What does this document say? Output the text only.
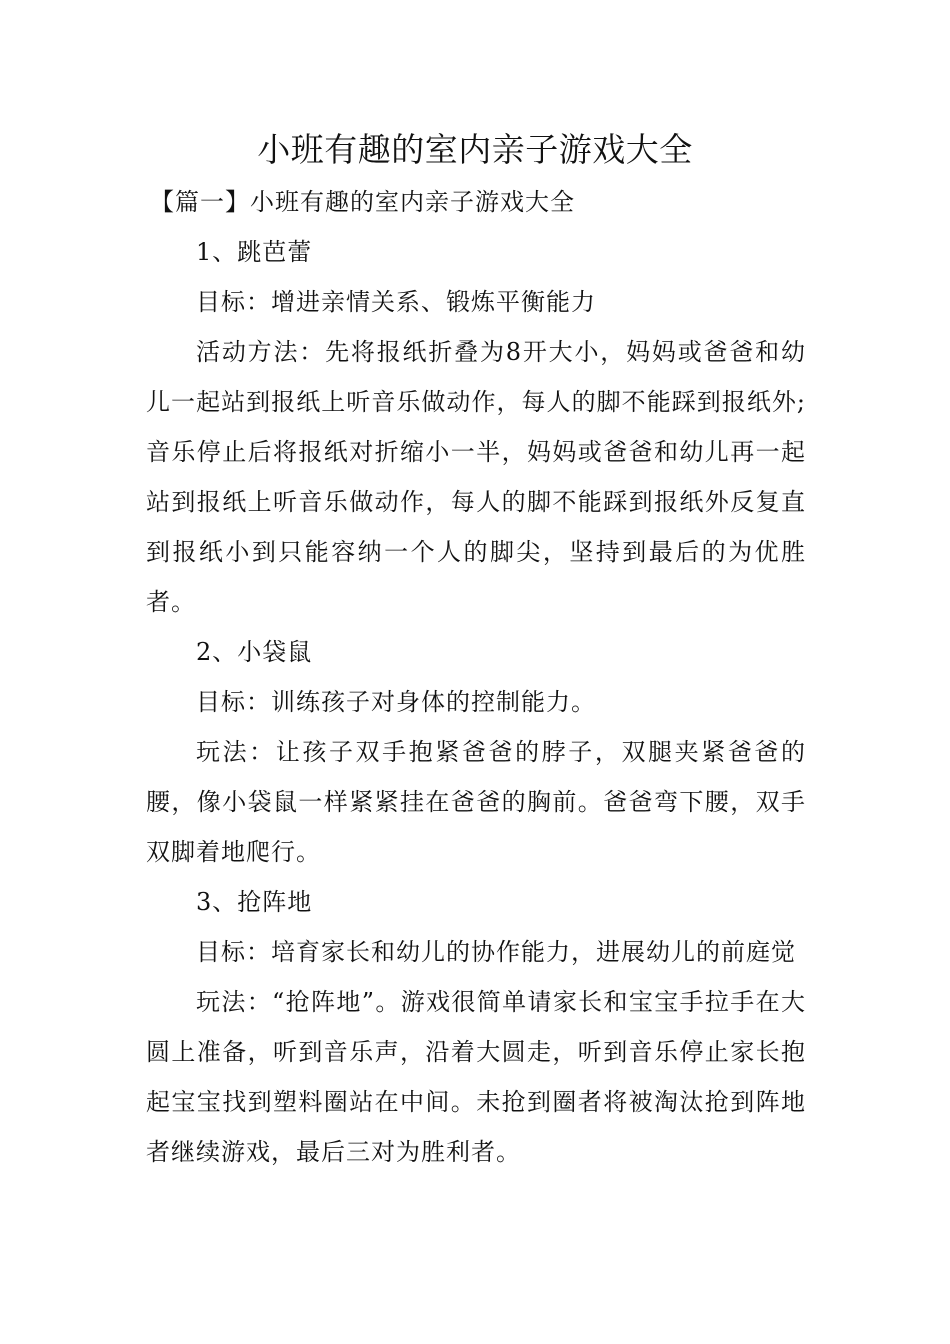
小班有趣的室内亲子游戏大全

【篇一】小班有趣的室内亲子游戏大全

1、跳芭蕾

目标：增进亲情关系、锻炼平衡能力

活动方法：先将报纸折叠为8开大小，妈妈或爸爸和幼儿一起站到报纸上听音乐做动作，每人的脚不能踩到报纸外;音乐停止后将报纸对折缩小一半，妈妈或爸爸和幼儿再一起站到报纸上听音乐做动作，每人的脚不能踩到报纸外反复直到报纸小到只能容纳一个人的脚尖，坚持到最后的为优胜者。

2、小袋鼠

目标：训练孩子对身体的控制能力。

玩法：让孩子双手抱紧爸爸的脖子，双腿夹紧爸爸的腰，像小袋鼠一样紧紧挂在爸爸的胸前。爸爸弯下腰，双手双脚着地爬行。

3、抢阵地

目标：培育家长和幼儿的协作能力，进展幼儿的前庭觉

玩法：“抢阵地”。游戏很简单请家长和宝宝手拉手在大圆上准备，听到音乐声，沿着大圆走，听到音乐停止家长抱起宝宝找到塑料圈站在中间。未抢到圈者将被淘汰抢到阵地者继续游戏，最后三对为胜利者。
